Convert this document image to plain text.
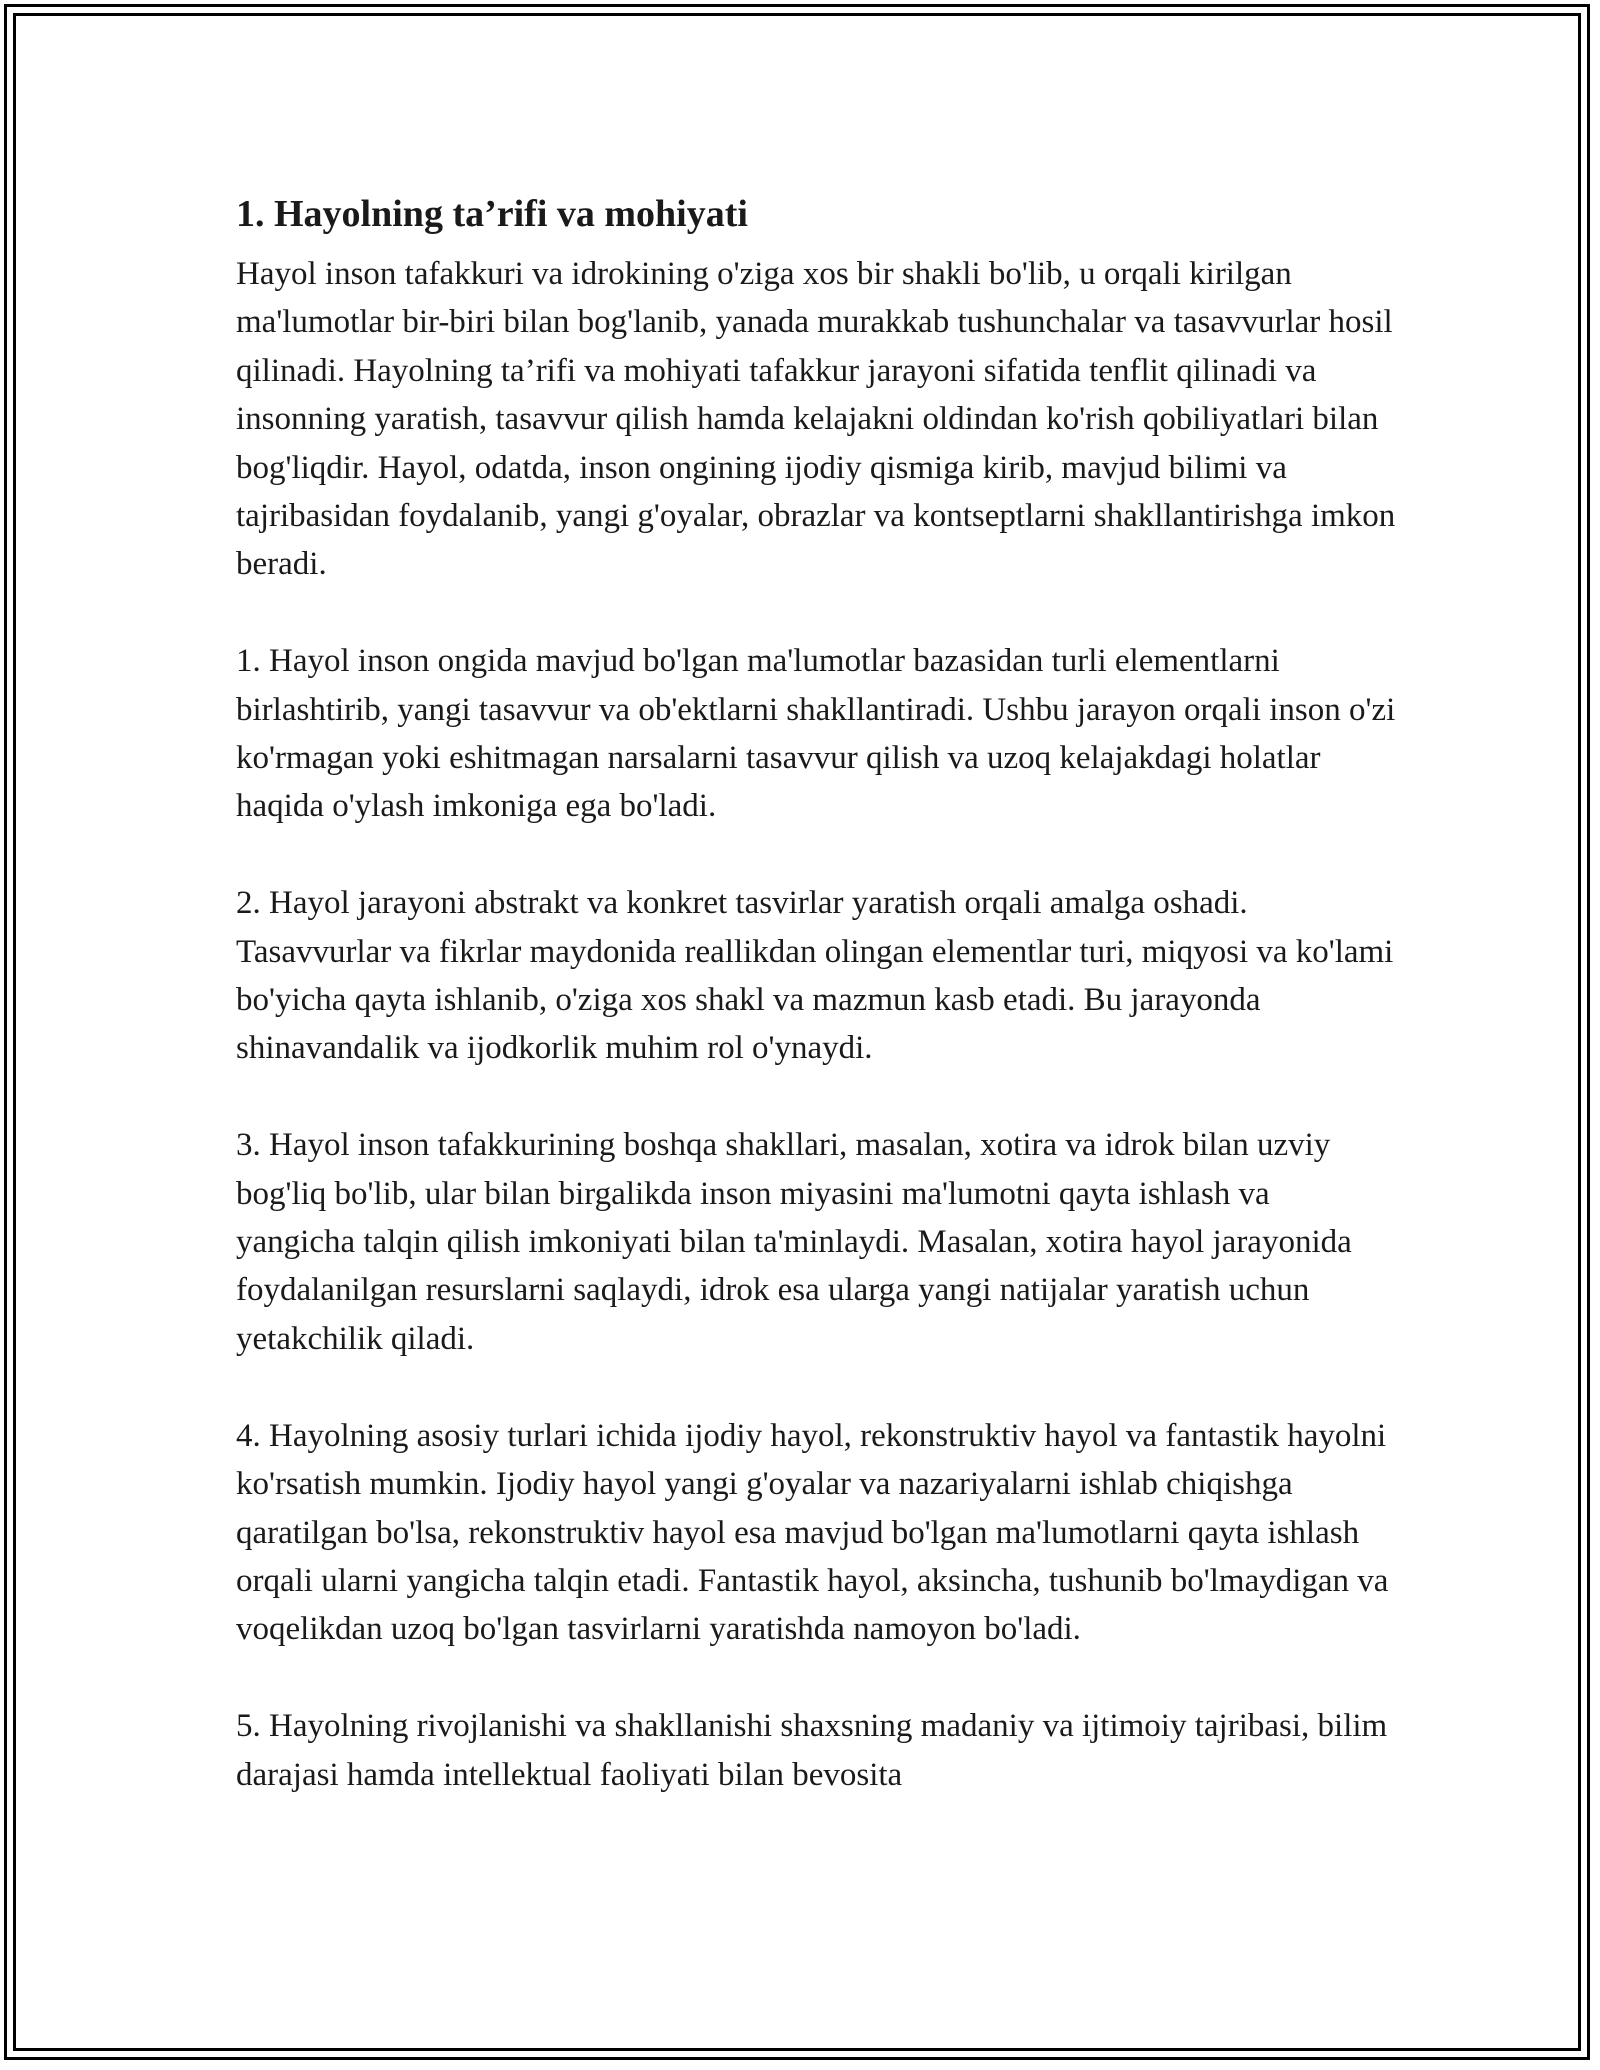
1. Hayolning ta’rifi va mohiyati

Hayol inson tafakkuri va idrokining o'ziga xos bir shakli bo'lib, u orqali kirilgan ma'lumotlar bir-biri bilan bog'lanib, yanada murakkab tushunchalar va tasavvurlar hosil qilinadi. Hayolning ta’rifi va mohiyati tafakkur jarayoni sifatida tenflit qilinadi va insonning yaratish, tasavvur qilish hamda kelajakni oldindan ko'rish qobiliyatlari bilan bog'liqdir. Hayol, odatda, inson ongining ijodiy qismiga kirib, mavjud bilimi va tajribasidan foydalanib, yangi g'oyalar, obrazlar va kontseptlarni shakllantirishga imkon beradi.

1. Hayol inson ongida mavjud bo'lgan ma'lumotlar bazasidan turli elementlarni birlashtirib, yangi tasavvur va ob'ektlarni shakllantiradi. Ushbu jarayon orqali inson o'zi ko'rmagan yoki eshitmagan narsalarni tasavvur qilish va uzoq kelajakdagi holatlar haqida o'ylash imkoniga ega bo'ladi.

2. Hayol jarayoni abstrakt va konkret tasvirlar yaratish orqali amalga oshadi. Tasavvurlar va fikrlar maydonida reallikdan olingan elementlar turi, miqyosi va ko'lami bo'yicha qayta ishlanib, o'ziga xos shakl va mazmun kasb etadi. Bu jarayonda shinavandalik va ijodkorlik muhim rol o'ynaydi.

3. Hayol inson tafakkurining boshqa shakllari, masalan, xotira va idrok bilan uzviy bog'liq bo'lib, ular bilan birgalikda inson miyasini ma'lumotni qayta ishlash va yangicha talqin qilish imkoniyati bilan ta'minlaydi. Masalan, xotira hayol jarayonida foydalanilgan resurslarni saqlaydi, idrok esa ularga yangi natijalar yaratish uchun yetakchilik qiladi.

4. Hayolning asosiy turlari ichida ijodiy hayol, rekonstruktiv hayol va fantastik hayolni ko'rsatish mumkin. Ijodiy hayol yangi g'oyalar va nazariyalarni ishlab chiqishga qaratilgan bo'lsa, rekonstruktiv hayol esa mavjud bo'lgan ma'lumotlarni qayta ishlash orqali ularni yangicha talqin etadi. Fantastik hayol, aksincha, tushunib bo'lmaydigan va voqelikdan uzoq bo'lgan tasvirlarni yaratishda namoyon bo'ladi.

5. Hayolning rivojlanishi va shakllanishi shaxsning madaniy va ijtimoiy tajribasi, bilim darajasi hamda intellektual faoliyati bilan bevosita
